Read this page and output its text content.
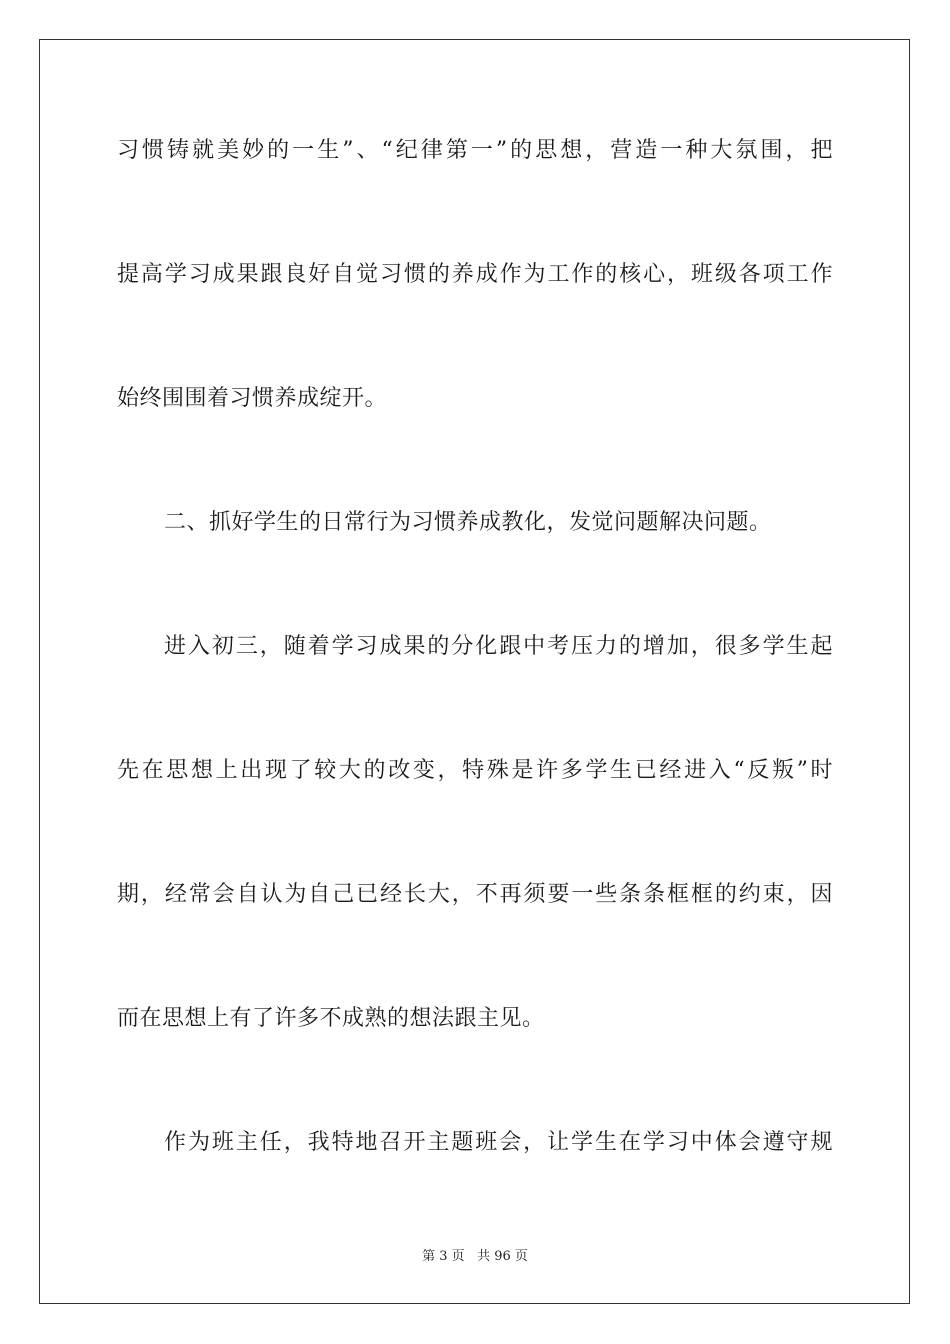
习惯铸就美妙的一生”、“纪律第一”的思想，营造一种大氛围，把
提高学习成果跟良好自觉习惯的养成作为工作的核心，班级各项工作
始终围围着习惯养成绽开。
二、抓好学生的日常行为习惯养成教化，发觉问题解决问题。
进入初三，随着学习成果的分化跟中考压力的增加，很多学生起
先在思想上出现了较大的改变，特殊是许多学生已经进入“反叛”时
期，经常会自认为自己已经长大，不再须要一些条条框框的约束，因
而在思想上有了许多不成熟的想法跟主见。
作为班主任，我特地召开主题班会，让学生在学习中体会遵守规
第 3 页 共 96 页
